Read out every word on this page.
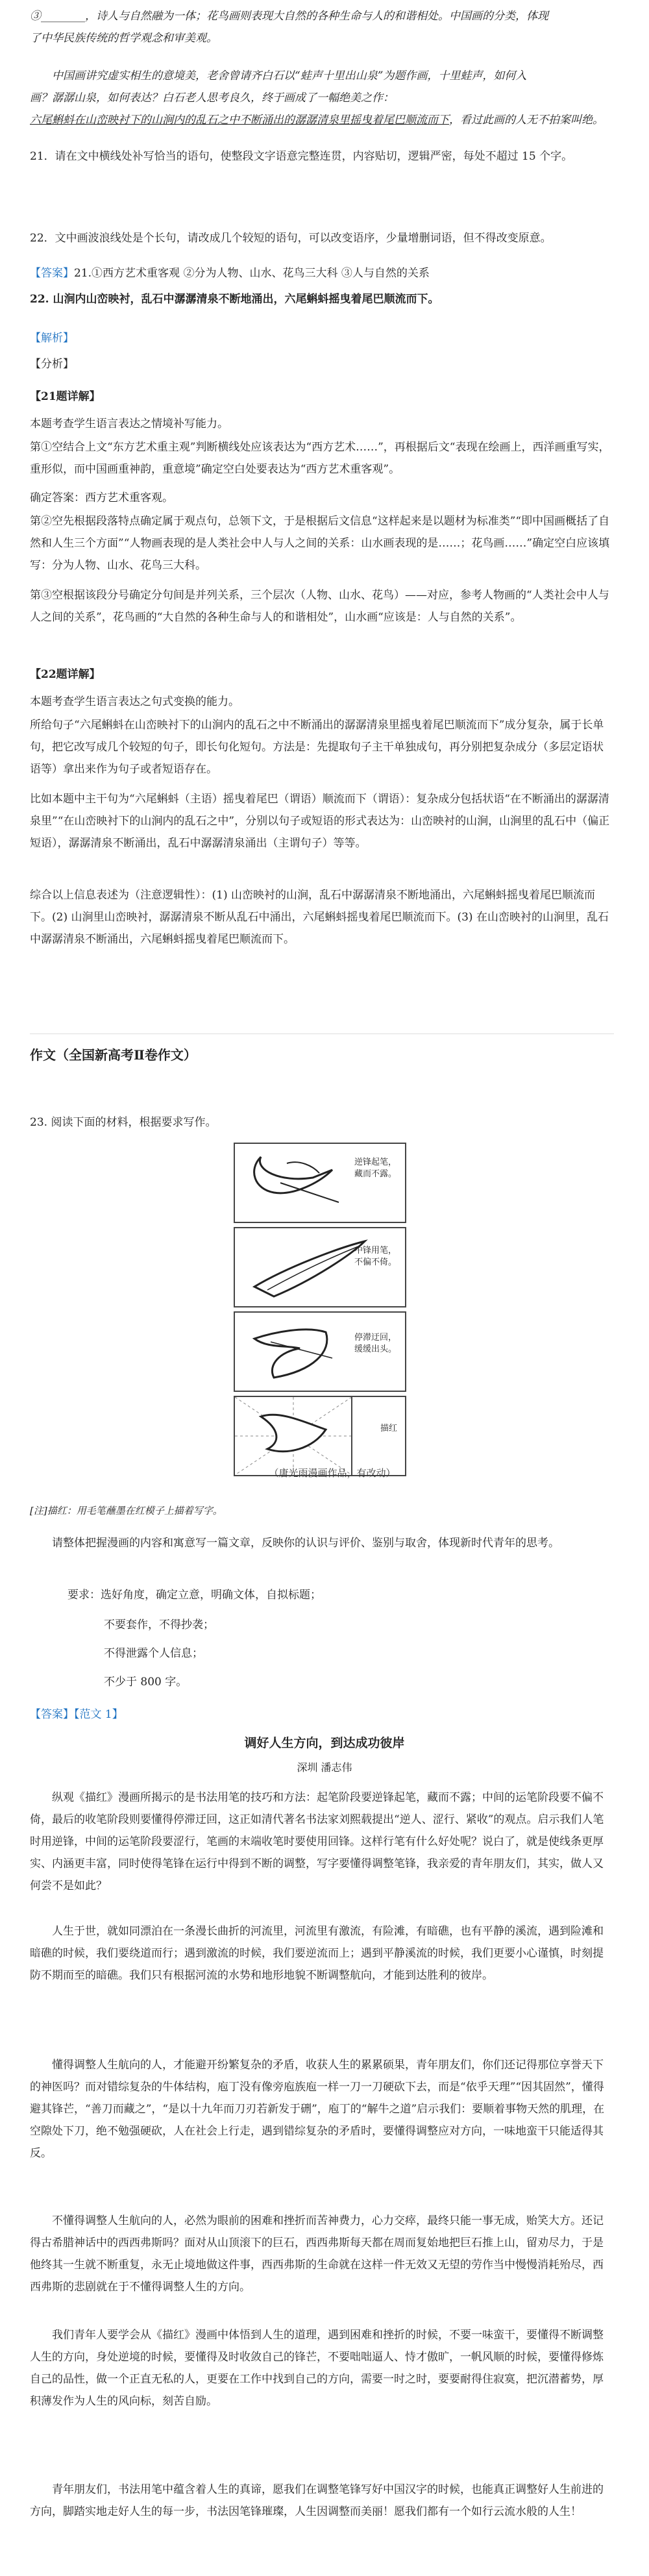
③________，诗人与自然融为一体；花鸟画则表现大自然的各种生命与人的和谐相处。中国画的分类，体现

了中华民族传统的哲学观念和审美观。

中国画讲究虚实相生的意境美，老舍曾请齐白石以“蛙声十里出山泉”为题作画，十里蛙声，如何入

画？潺潺山泉，如何表达？白石老人思考良久，终于画成了一幅绝美之作：

六尾蝌蚪在山峦映衬下的山涧内的乱石之中不断涌出的潺潺清泉里摇曳着尾巴顺流而下，看过此画的人无不拍案叫绝。

21．请在文中横线处补写恰当的语句，使整段文字语意完整连贯，内容贴切，逻辑严密，每处不超过 15 个字。

22．文中画波浪线处是个长句，请改成几个较短的语句，可以改变语序，少量增删词语，但不得改变原意。

【答案】21.①西方艺术重客观 ②分为人物、山水、花鸟三大科 ③人与自然的关系

22. 山涧内山峦映衬，乱石中潺潺清泉不断地涌出，六尾蝌蚪摇曳着尾巴顺流而下。

【解析】

【分析】

【21题详解】

本题考查学生语言表达之情境补写能力。

第①空结合上文“东方艺术重主观”判断横线处应该表达为“西方艺术……”，再根据后文“表现在绘画上，西洋画重写实，重形似，而中国画重神韵，重意境”确定空白处要表达为“西方艺术重客观”。

确定答案：西方艺术重客观。

第②空先根据段落特点确定属于观点句，总领下文，于是根据后文信息“这样起来是以题材为标准类”“即中国画概括了自然和人生三个方面”“人物画表现的是人类社会中人与人之间的关系：山水画表现的是……；花鸟画……”确定空白应该填写：分为人物、山水、花鸟三大科。

第③空根据该段分号确定分句间是并列关系，三个层次（人物、山水、花鸟）——对应，参考人物画的“人类社会中人与人之间的关系”，花鸟画的“大自然的各种生命与人的和谐相处”，山水画“应该是：人与自然的关系”。

【22题详解】

本题考查学生语言表达之句式变换的能力。

所给句子“六尾蝌蚪在山峦映衬下的山涧内的乱石之中不断涌出的潺潺清泉里摇曳着尾巴顺流而下”成分复杂，属于长单句，把它改写成几个较短的句子，即长句化短句。方法是：先提取句子主干单独成句，再分别把复杂成分（多层定语状语等）拿出来作为句子或者短语存在。

比如本题中主干句为“六尾蝌蚪（主语）摇曳着尾巴（谓语）顺流而下（谓语）：复杂成分包括状语“在不断涌出的潺潺清泉里”“在山峦映衬下的山涧内的乱石之中”，分别以句子或短语的形式表达为：山峦映衬的山涧，山涧里的乱石中（偏正短语），潺潺清泉不断涌出，乱石中潺潺清泉涌出（主谓句子）等等。

综合以上信息表述为（注意逻辑性）：(1) 山峦映衬的山涧，乱石中潺潺清泉不断地涌出，六尾蝌蚪摇曳着尾巴顺流而下。(2) 山涧里山峦映衬，潺潺清泉不断从乱石中涌出，六尾蝌蚪摇曳着尾巴顺流而下。(3) 在山峦映衬的山涧里，乱石中潺潺清泉不断涌出，六尾蝌蚪摇曳着尾巴顺流而下。

作文（全国新高考Ⅱ卷作文）

23. 阅读下面的材料，根据要求写作。

逆锋起笔，藏而不露。
中锋用笔，不偏不倚。
停滞迂回，缓缓出头。
描红
（唐光雨漫画作品，有改动）

[注]描红：用毛笔蘸墨在红模子上描着写字。

请整体把握漫画的内容和寓意写一篇文章，反映你的认识与评价、鉴别与取舍，体现新时代青年的思考。

要求：选好角度，确定立意，明确文体，自拟标题；

不要套作，不得抄袭；

不得泄露个人信息；

不少于 800 字。

【答案】【范文 1】

调好人生方向，到达成功彼岸
深圳 潘志伟

纵观《描红》漫画所揭示的是书法用笔的技巧和方法：起笔阶段要逆锋起笔，藏而不露；中间的运笔阶段要不偏不倚，最后的收笔阶段则要懂得停滞迂回，这正如清代著名书法家刘熙载提出“逆人、涩行、紧收”的观点。启示我们人笔时用逆锋，中间的运笔阶段要涩行，笔画的末端收笔时要使用回锋。这样行笔有什么好处呢？说白了，就是使线条更厚实、内涵更丰富，同时使得笔锋在运行中得到不断的调整，写字要懂得调整笔锋，我亲爱的青年朋友们，其实，做人又何尝不是如此？

人生于世，就如同漂泊在一条漫长曲折的河流里，河流里有激流，有险滩，有暗礁，也有平静的溪流，遇到险滩和暗礁的时候，我们要绕道而行；遇到激流的时候，我们要逆流而上；遇到平静溪流的时候，我们更要小心谨慎，时刻提防不期而至的暗礁。我们只有根据河流的水势和地形地貌不断调整航向，才能到达胜利的彼岸。

懂得调整人生航向的人，才能避开纷繁复杂的矛盾，收获人生的累累硕果，青年朋友们，你们还记得那位享誉天下的神医吗？而对错综复杂的牛体结构，庖丁没有像旁庖族庖一样一刀一刀硬砍下去，而是“依乎天理”“因其固然”，懂得避其锋芒，“善刀而藏之”，“是以十九年而刀刃若新发于硎”，庖丁的“解牛之道”启示我们：要顺着事物天然的肌理，在空隙处下刀，绝不勉强硬砍，人在社会上行走，遇到错综复杂的矛盾时，要懂得调整应对方向，一味地蛮干只能适得其反。

不懂得调整人生航向的人，必然为眼前的困难和挫折而苦神费力，心力交瘁，最终只能一事无成，贻笑大方。还记得古希腊神话中的西西弗斯吗？面对从山顶滚下的巨石，西西弗斯每天都在周而复始地把巨石推上山，留劝尽力，于是他终其一生就不断重复，永无止境地做这件事，西西弗斯的生命就在这样一件无效又无望的劳作当中慢慢消耗殆尽，西西弗斯的悲剧就在于不懂得调整人生的方向。

我们青年人要学会从《描红》漫画中体悟到人生的道理，遇到困难和挫折的时候，不要一味蛮干，要懂得不断调整人生的方向，身处逆境的时候，要懂得及时收敛自己的锋芒，不要咄咄逼人、恃才傲旷，一帆风顺的时候，要懂得修炼自己的品性，做一个正直无私的人，更要在工作中找到自己的方向，需要一时之时，要要耐得住寂寞，把沉潜蓄势，厚积薄发作为人生的风向标，刻苦自励。

青年朋友们，书法用笔中蕴含着人生的真谛，愿我们在调整笔锋写好中国汉字的时候，也能真正调整好人生前进的方向，脚踏实地走好人生的每一步，书法因笔锋璀璨，人生因调整而美丽！愿我们都有一个如行云流水般的人生！
